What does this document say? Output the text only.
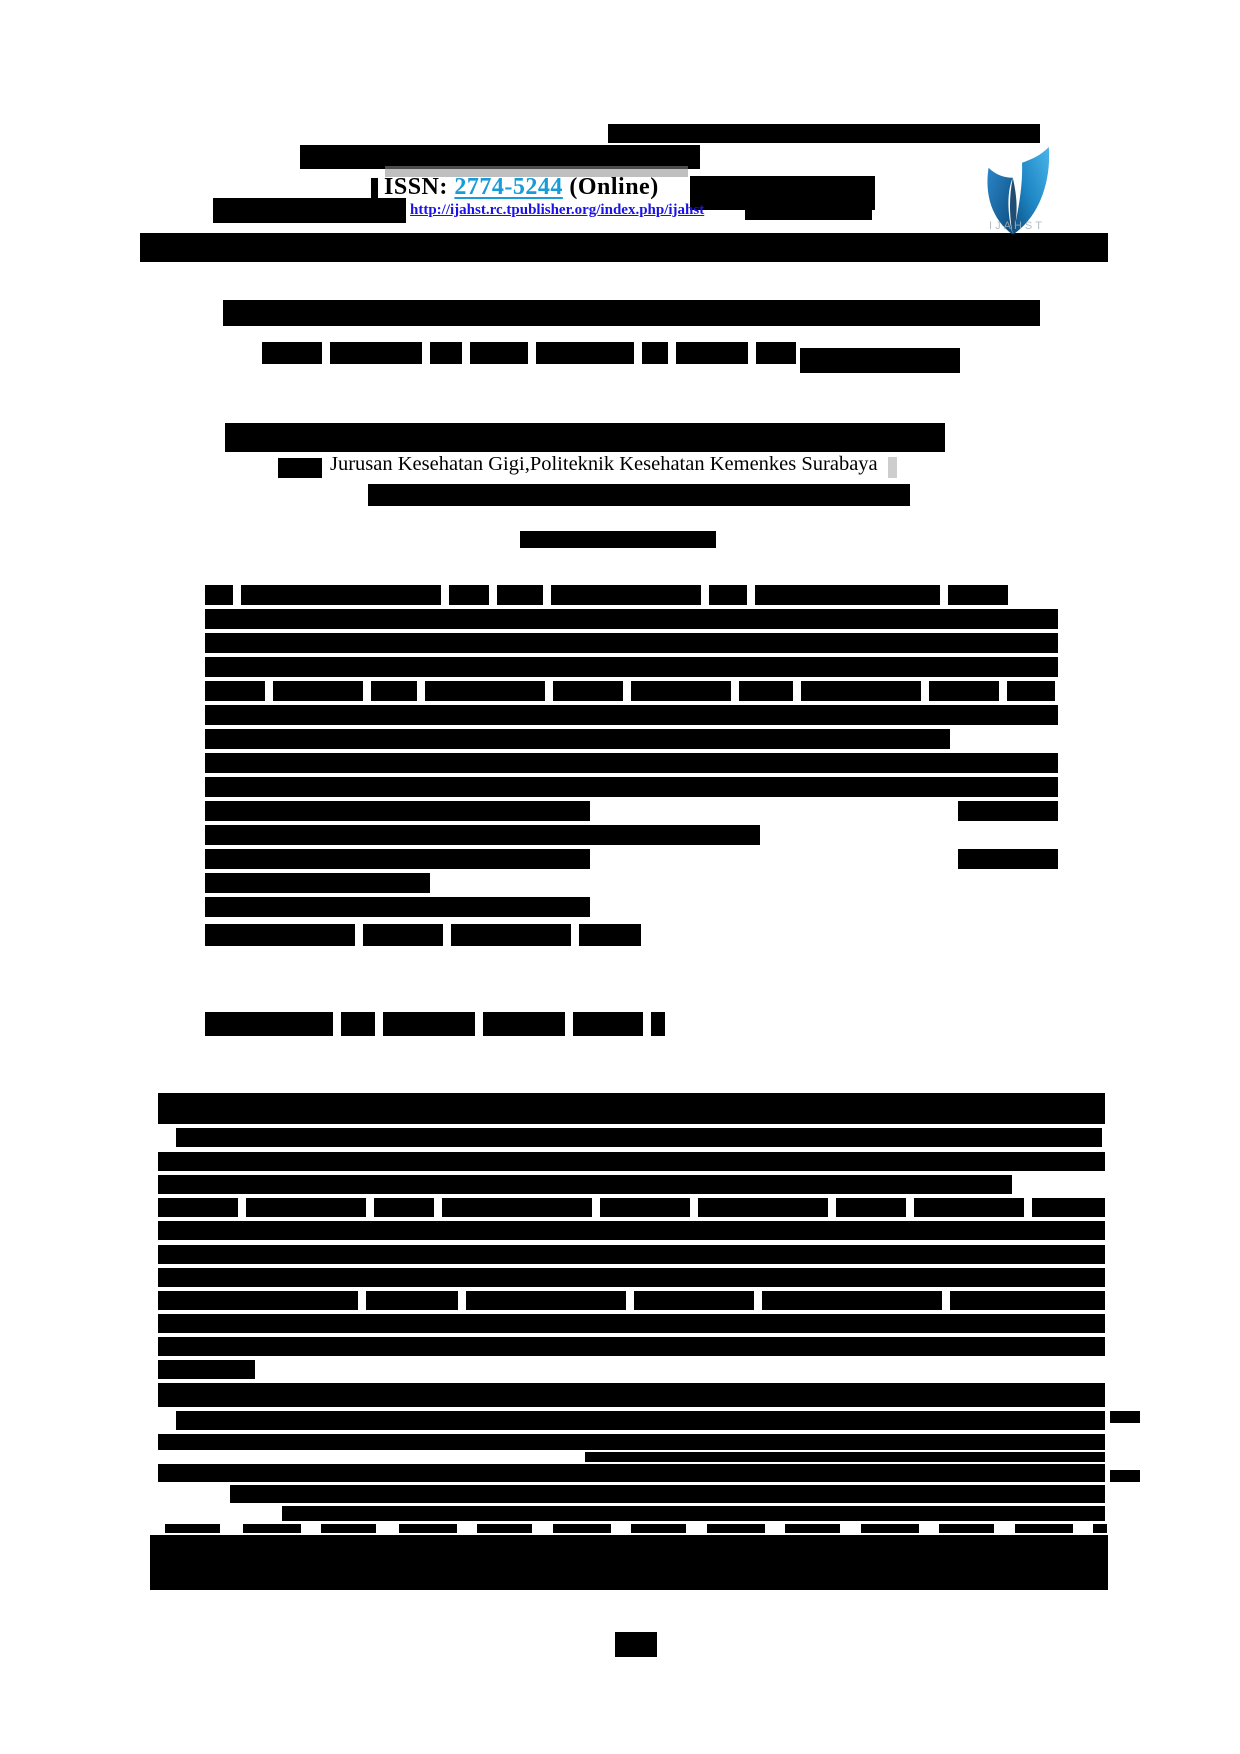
ISSN: 2774-5244 (Online)
http://ijahst.rc.tpublisher.org/index.php/ijahst
IJAHST
Jurusan Kesehatan Gigi,Politeknik Kesehatan Kemenkes Surabaya
